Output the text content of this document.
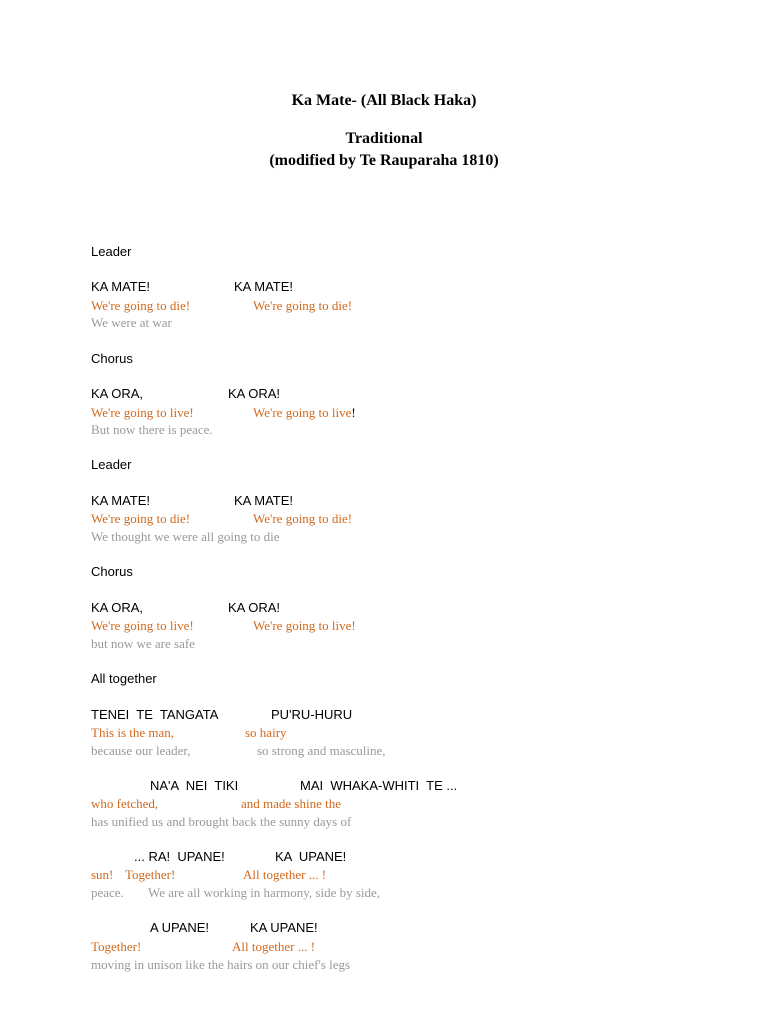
Ka Mate- (All Black Haka)
Traditional
(modified by Te Rauparaha 1810)
Leader
KA MATE!	KA MATE!
We're going to die!	We're going to die!
We were at war
Chorus
KA ORA,	KA ORA!
We're going to live!	We're going to live!
But now there is peace.
Leader
KA MATE!	KA MATE!
We're going to die!	We're going to die!
We thought we were all going to die
Chorus
KA ORA,	KA ORA!
We're going to live!	We're going to live!
but now we are safe
All together
TENEI  TE  TANGATA	PU'RU-HURU
This is the man,	so hairy
because our leader,	so strong and masculine,
NA'A  NEI  TIKI	MAI  WHAKA-WHITI  TE ...
who fetched,	and made shine the
has unified us and brought back the sunny days of
... RA!  UPANE!	KA  UPANE!
sun! Together!	All together ... !
peace. We are all working in harmony, side by side,
A UPANE!	KA UPANE!
Together!	All together ... !
moving in unison like the hairs on our chief's legs
